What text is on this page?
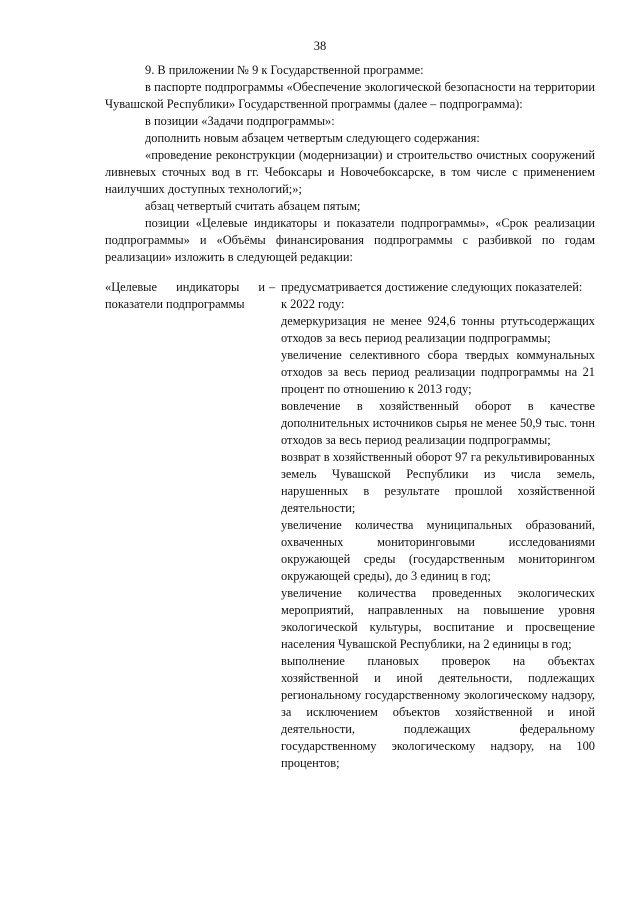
38

9. В приложении № 9 к Государственной программе:

в паспорте подпрограммы «Обеспечение экологической безопасности на территории Чувашской Республики» Государственной программы (далее – подпрограмма):

в позиции «Задачи подпрограммы»:

дополнить новым абзацем четвертым следующего содержания:

«проведение реконструкции (модернизации) и строительство очистных сооружений ливневых сточных вод в гг. Чебоксары и Новочебоксарске, в том числе с применением наилучших доступных технологий;»;

абзац четвертый считать абзацем пятым;

позиции «Целевые индикаторы и показатели подпрограммы», «Срок реализации подпрограммы» и «Объёмы финансирования подпрограммы с разбивкой по годам реализации» изложить в следующей редакции:

«Целевые индикаторы и показатели подпрограммы
– предусматривается достижение следующих показателей:

к 2022 году:

демеркуризация не менее 924,6 тонны ртутьсодержащих отходов за весь период реализации подпрограммы;

увеличение селективного сбора твердых коммунальных отходов за весь период реализации подпрограммы на 21 процент по отношению к 2013 году;

вовлечение в хозяйственный оборот в качестве дополнительных источников сырья не менее 50,9 тыс. тонн отходов за весь период реализации подпрограммы;

возврат в хозяйственный оборот 97 га рекультивированных земель Чувашской Республики из числа земель, нарушенных в результате прошлой хозяйственной деятельности;

увеличение количества муниципальных образований, охваченных мониторинговыми исследованиями окружающей среды (государственным мониторингом окружающей среды), до 3 единиц в год;

увеличение количества проведенных экологических мероприятий, направленных на повышение уровня экологической культуры, воспитание и просвещение населения Чувашской Республики, на 2 единицы в год;

выполнение плановых проверок на объектах хозяйственной и иной деятельности, подлежащих региональному государственному экологическому надзору, за исключением объектов хозяйственной и иной деятельности, подлежащих федеральному государственному экологическому надзору, на 100 процентов;
